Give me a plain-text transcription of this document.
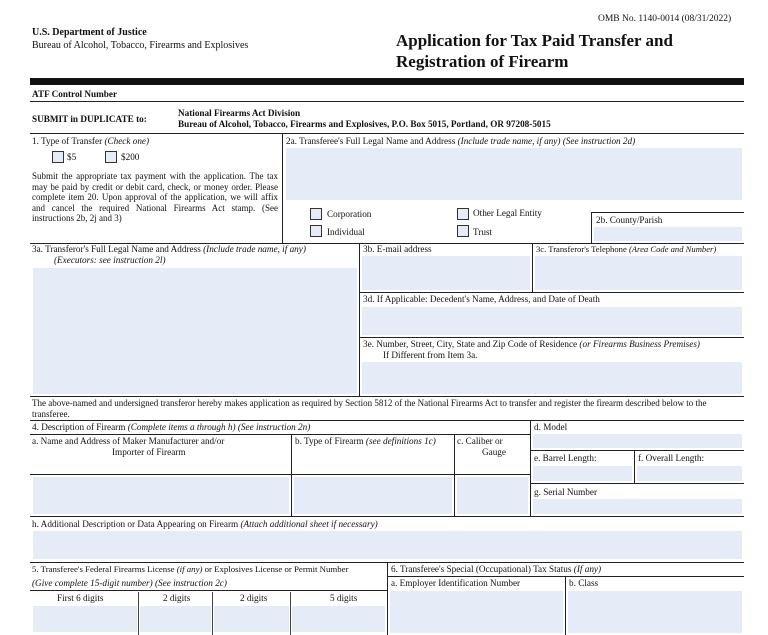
U.S. Department of Justice
Bureau of Alcohol, Tobacco, Firearms and Explosives
OMB No. 1140-0014 (08/31/2022)
Application for Tax Paid Transfer and
Registration of Firearm
ATF Control Number
SUBMIT in DUPLICATE to:
National Firearms Act Division
Bureau of Alcohol, Tobacco, Firearms and Explosives, P.O. Box 5015, Portland, OR 97208-5015
1. Type of Transfer (Check one)
$5	$200
Submit the appropriate tax payment with the application. The tax may be paid by credit or debit card, check, or money order. Please complete item 20. Upon approval of the application, we will affix and cancel the required National Firearms Act stamp. (See instructions 2b, 2j and 3)
2a. Transferee's Full Legal Name and Address (Include trade name, if any) (See instruction 2d)
Corporation
Individual
Other Legal Entity
Trust
2b. County/Parish
3a. Transferor's Full Legal Name and Address (Include trade name, if any)
(Executors: see instruction 2l)
3b. E-mail address	3c. Transferor's Telephone (Area Code and Number)
3d. If Applicable: Decedent's Name, Address, and Date of Death
3e. Number, Street, City, State and Zip Code of Residence (or Firearms Business Premises)
If Different from Item 3a.
The above-named and undersigned transferor hereby makes application as required by Section 5812 of the National Firearms Act to transfer and register the firearm described below to the transferee.
4. Description of Firearm (Complete items a through h) (See instruction 2n)
a. Name and Address of Maker Manufacturer and/or
Importer of Firearm
b. Type of Firearm (see definitions 1c) c. Caliber or
Gauge
d. Model
e. Barrel Length:	f. Overall Length:
g. Serial Number
h. Additional Description or Data Appearing on Firearm (Attach additional sheet if necessary)
5. Transferee's Federal Firearms License (if any) or Explosives License or Permit Number
(Give complete 15-digit number) (See instruction 2c)
First 6 digits	2 digits	2 digits	5 digits
6. Transferee's Special (Occupational) Tax Status (If any)
a. Employer Identification Number	b. Class
